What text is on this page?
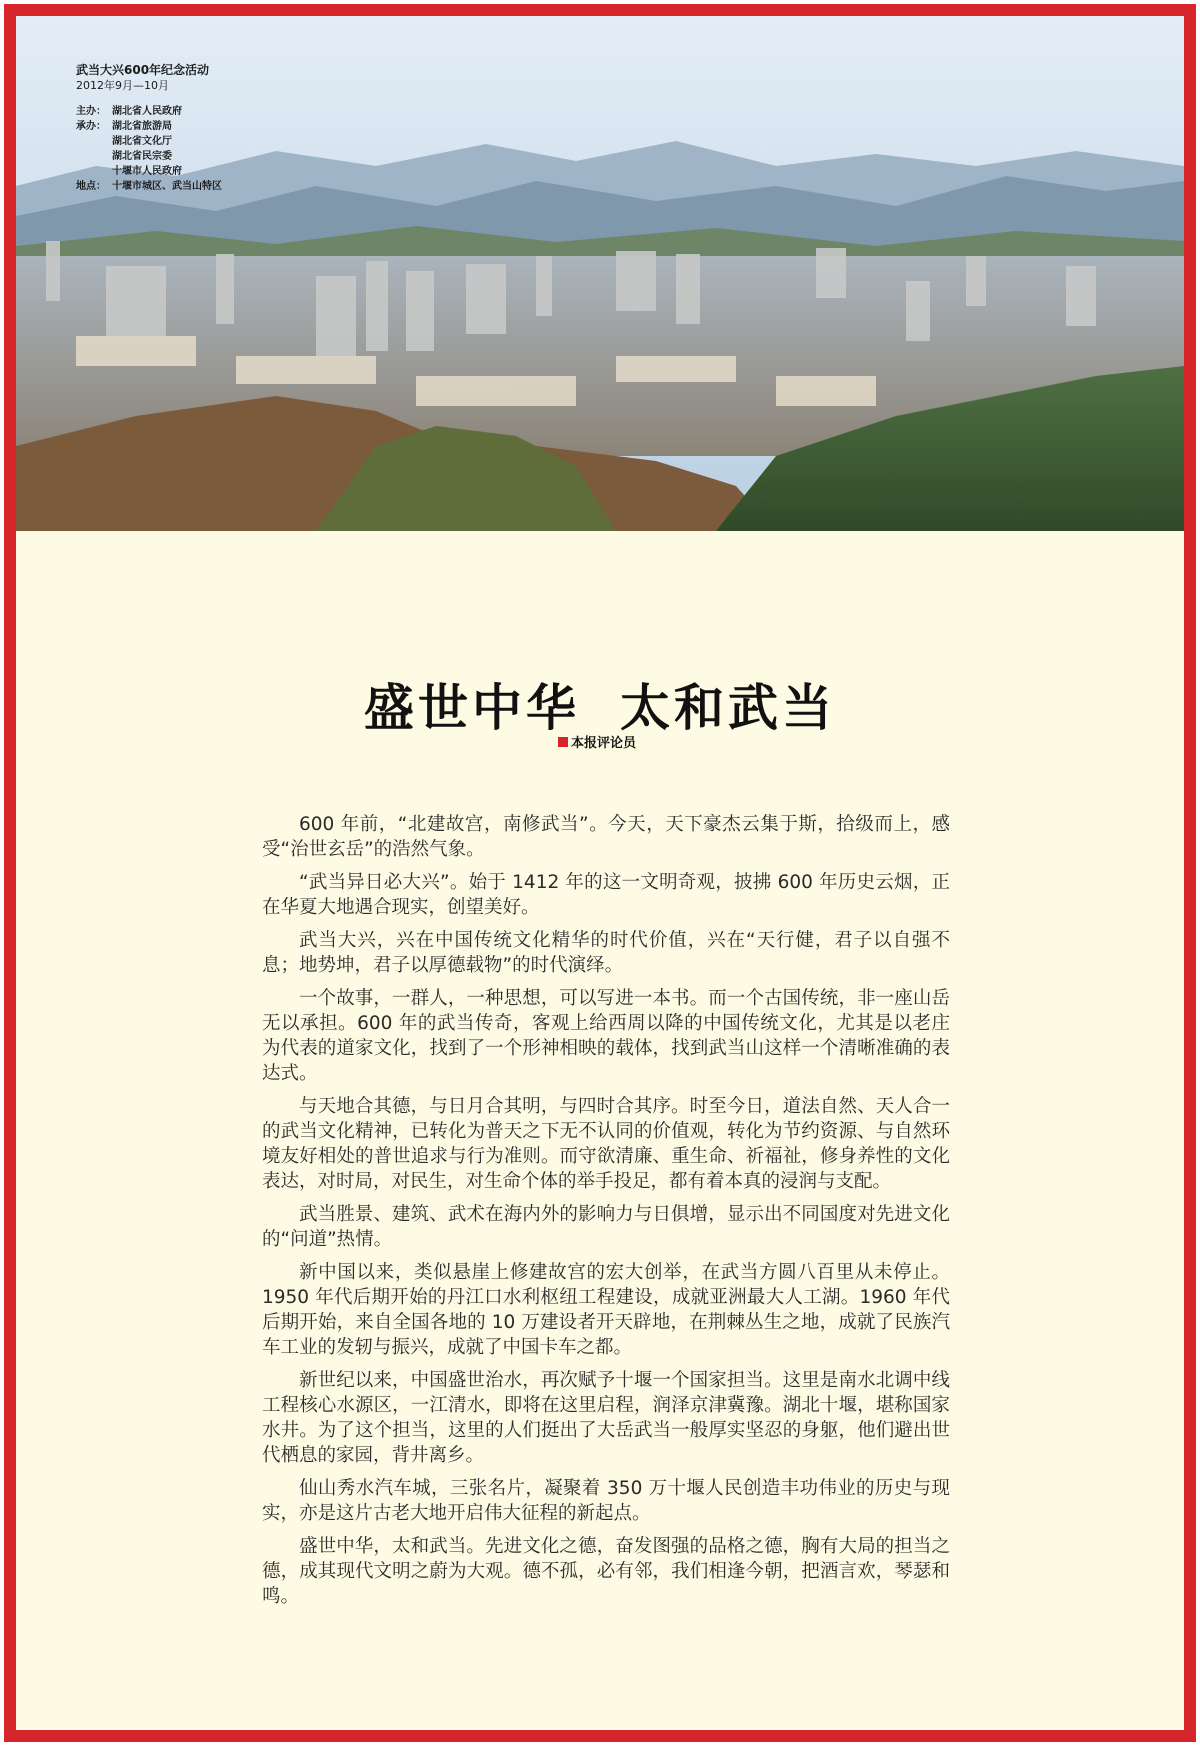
武当大兴600年纪念活动

2012年9月—10月

主办： 湖北省人民政府
承办： 湖北省旅游局
湖北省文化厅
湖北省民宗委
十堰市人民政府
地点： 十堰市城区、武当山特区
盛世中华 太和武当
本报评论员

600 年前，“北建故宫，南修武当”。今天，天下豪杰云集于斯，拾级而上，感受“治世玄岳”的浩然气象。

“武当异日必大兴”。始于 1412 年的这一文明奇观，披拂 600 年历史云烟，正在华夏大地遇合现实，创望美好。

武当大兴，兴在中国传统文化精华的时代价值，兴在“天行健，君子以自强不息；地势坤，君子以厚德载物”的时代演绎。

一个故事，一群人，一种思想，可以写进一本书。而一个古国传统，非一座山岳无以承担。600 年的武当传奇，客观上给西周以降的中国传统文化，尤其是以老庄为代表的道家文化，找到了一个形神相映的载体，找到武当山这样一个清晰准确的表达式。

与天地合其德，与日月合其明，与四时合其序。时至今日，道法自然、天人合一的武当文化精神，已转化为普天之下无不认同的价值观，转化为节约资源、与自然环境友好相处的普世追求与行为准则。而守欲清廉、重生命、祈福祉，修身养性的文化表达，对时局，对民生，对生命个体的举手投足，都有着本真的浸润与支配。

武当胜景、建筑、武术在海内外的影响力与日俱增，显示出不同国度对先进文化的“问道”热情。

新中国以来，类似悬崖上修建故宫的宏大创举，在武当方圆八百里从未停止。1950 年代后期开始的丹江口水利枢纽工程建设，成就亚洲最大人工湖。1960 年代后期开始，来自全国各地的 10 万建设者开天辟地，在荆棘丛生之地，成就了民族汽车工业的发轫与振兴，成就了中国卡车之都。

新世纪以来，中国盛世治水，再次赋予十堰一个国家担当。这里是南水北调中线工程核心水源区，一江清水，即将在这里启程，润泽京津冀豫。湖北十堰，堪称国家水井。为了这个担当，这里的人们挺出了大岳武当一般厚实坚忍的身躯，他们避出世代栖息的家园，背井离乡。

仙山秀水汽车城，三张名片，凝聚着 350 万十堰人民创造丰功伟业的历史与现实，亦是这片古老大地开启伟大征程的新起点。

盛世中华，太和武当。先进文化之德，奋发图强的品格之德，胸有大局的担当之德，成其现代文明之蔚为大观。德不孤，必有邻，我们相逢今朝，把酒言欢，琴瑟和鸣。
